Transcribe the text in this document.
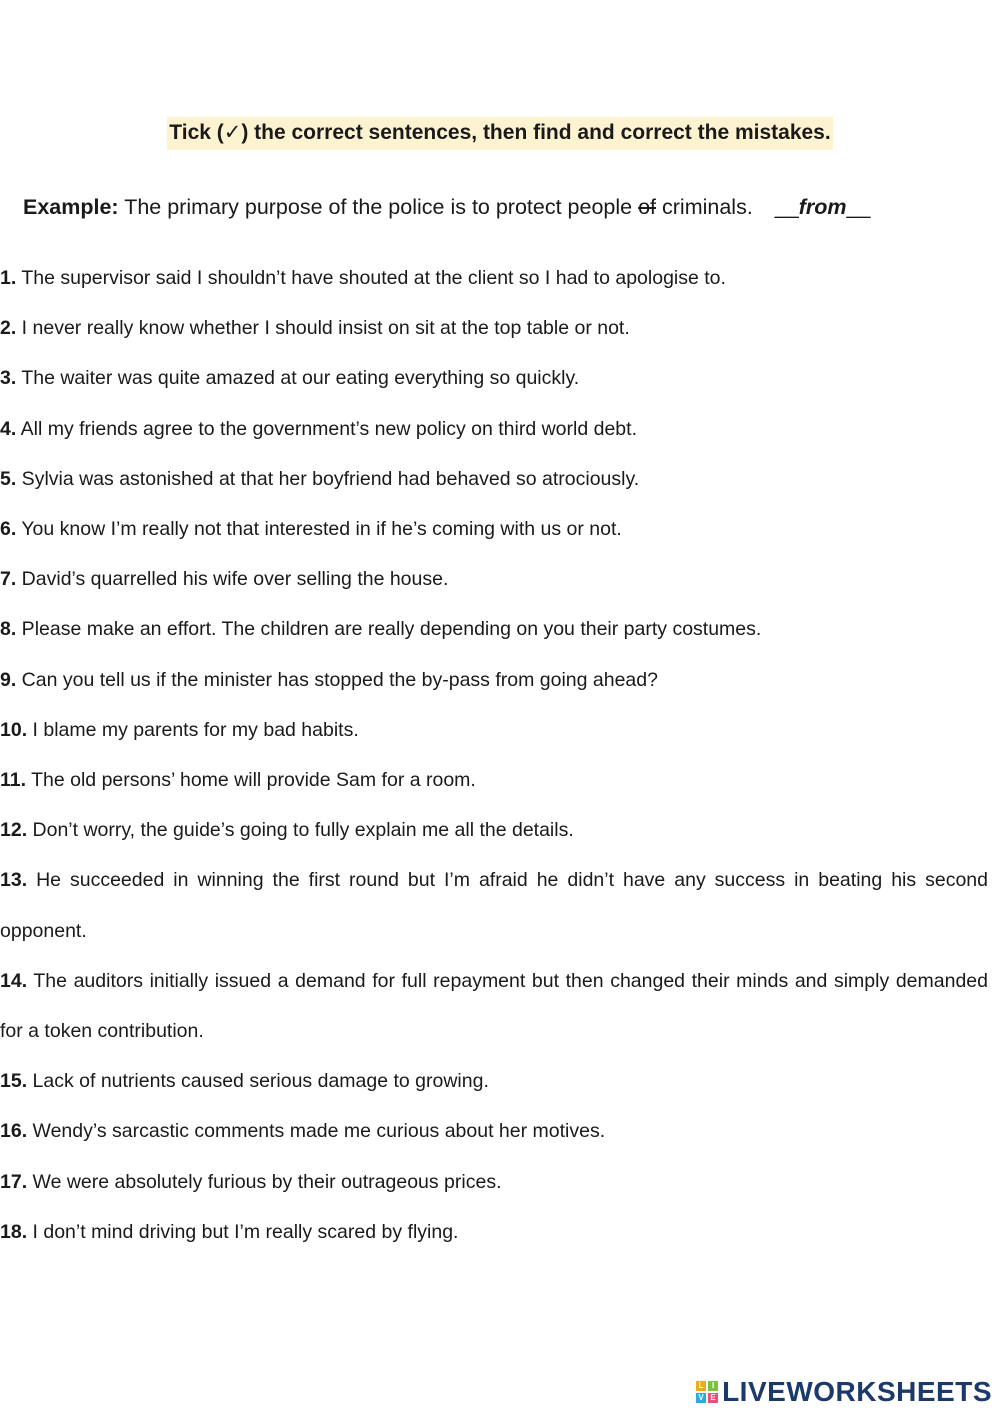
Tick (✓) the correct sentences, then find and correct the mistakes.
Example: The primary purpose of the police is to protect people of criminals. __from__

1. The supervisor said I shouldn’t have shouted at the client so I had to apologise to.

2. I never really know whether I should insist on sit at the top table or not.

3. The waiter was quite amazed at our eating everything so quickly.

4. All my friends agree to the government’s new policy on third world debt.

5. Sylvia was astonished at that her boyfriend had behaved so atrociously.

6. You know I’m really not that interested in if he’s coming with us or not.

7. David’s quarrelled his wife over selling the house.

8. Please make an effort. The children are really depending on you their party costumes.

9. Can you tell us if the minister has stopped the by-pass from going ahead?

10. I blame my parents for my bad habits.

11. The old persons’ home will provide Sam for a room.

12. Don’t worry, the guide’s going to fully explain me all the details.

13. He succeeded in winning the first round but I’m afraid he didn’t have any success in beating his second opponent.

14. The auditors initially issued a demand for full repayment but then changed their minds and simply demanded for a token contribution.

15. Lack of nutrients caused serious damage to growing.

16. Wendy’s sarcastic comments made me curious about her motives.

17. We were absolutely furious by their outrageous prices.

18. I don’t mind driving but I’m really scared by flying.

L	I
V E LIVEWORKSHEETS
